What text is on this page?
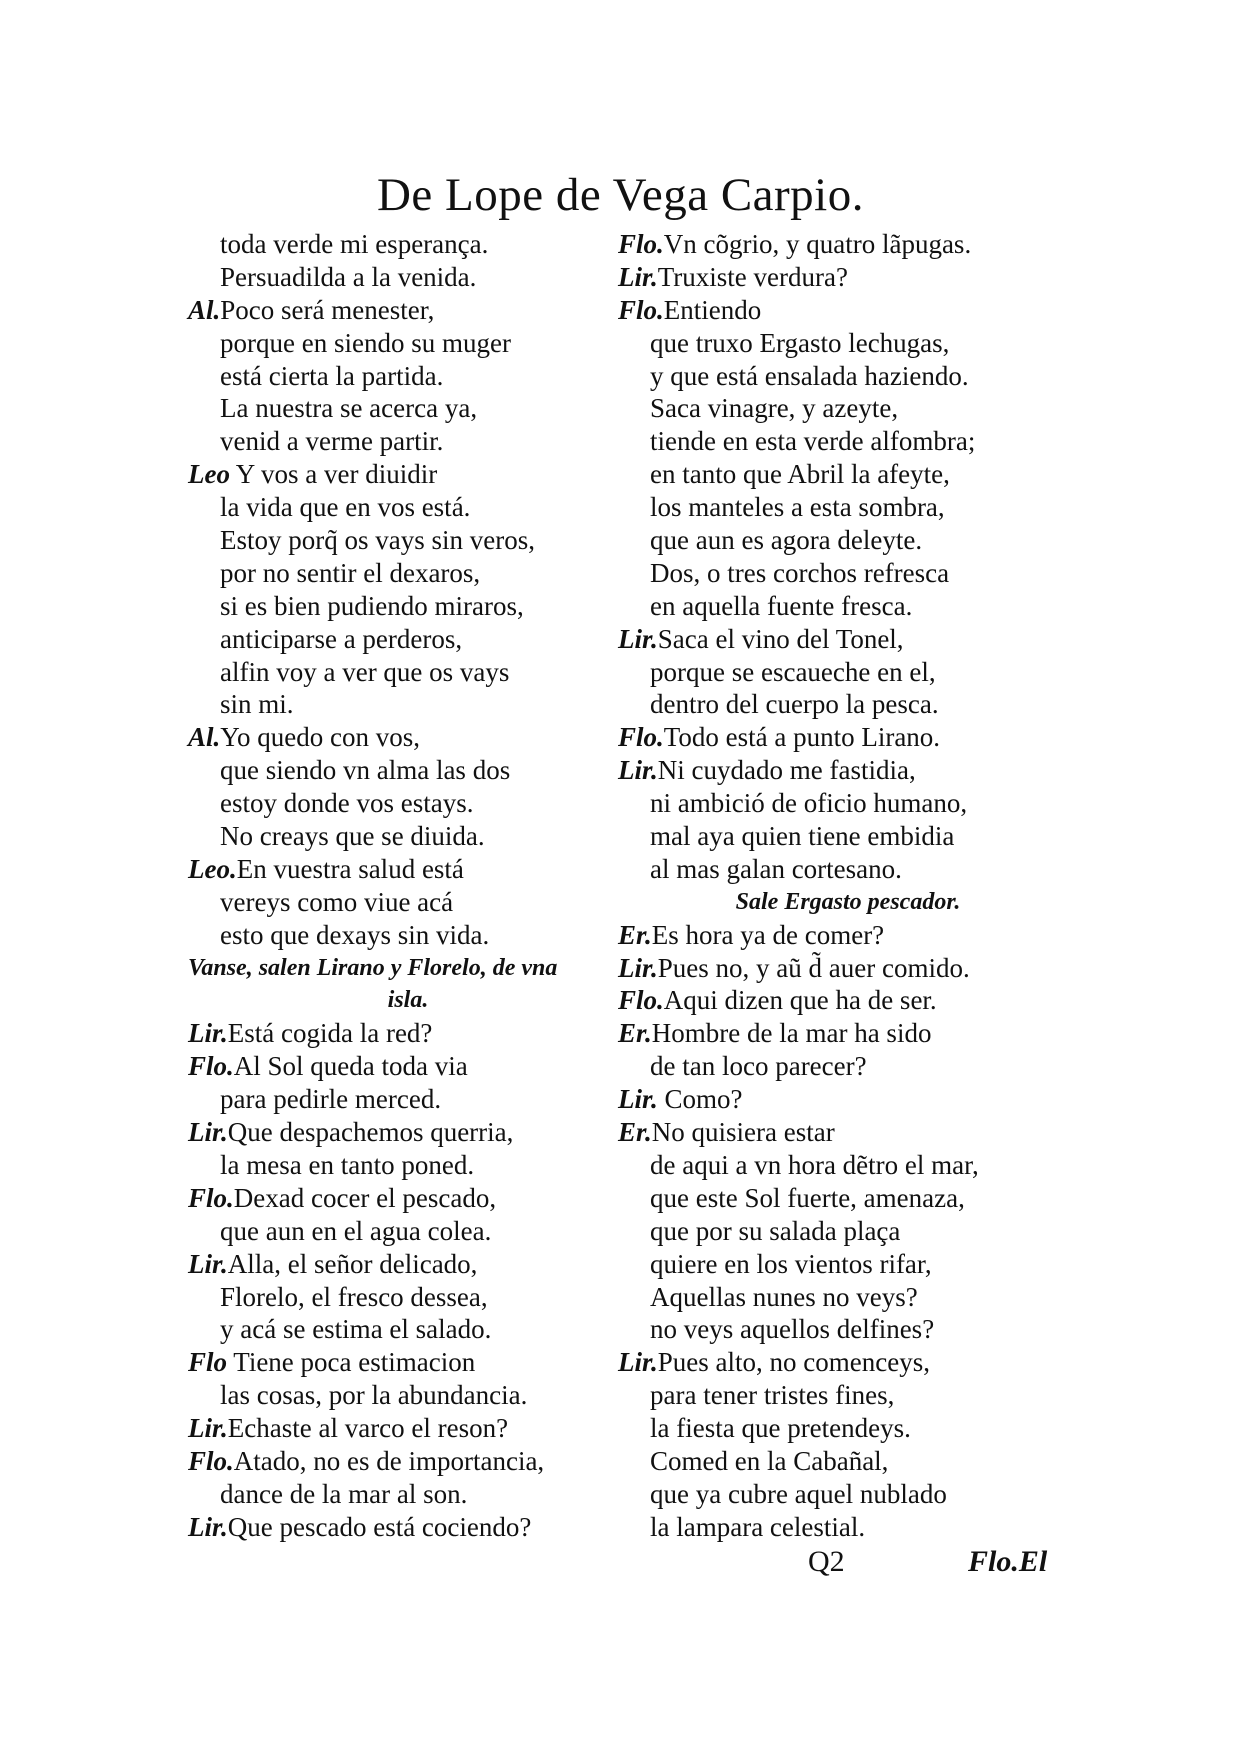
De Lope de Vega Carpio.
toda verde mi esperança.
Persuadilda a la venida.
Al.Poco será menester,
porque en siendo su muger
está cierta la partida.
La nuestra se acerca ya,
venid a verme partir.
Leo Y vos a ver diuidir
la vida que en vos está.
Estoy porq̃ os vays sin veros,
por no sentir el dexaros,
si es bien pudiendo miraros,
anticiparse a perderos,
alfin voy a ver que os vays
sin mi.
Al.Yo quedo con vos,
que siendo vn alma las dos
estoy donde vos estays.
No creays que se diuida.
Leo.En vuestra salud está
vereys como viue acá
esto que dexays sin vida.
Vanse, salen Lirano y Florelo, de vna
isla.
Lir.Está cogida la red?
Flo.Al Sol queda toda via
para pedirle merced.
Lir.Que despachemos querria,
la mesa en tanto poned.
Flo.Dexad cocer el pescado,
que aun en el agua colea.
Lir.Alla, el señor delicado,
Florelo, el fresco dessea,
y acá se estima el salado.
Flo Tiene poca estimacion
las cosas, por la abundancia.
Lir.Echaste al varco el reson?
Flo.Atado, no es de importancia,
dance de la mar al son.
Lir.Que pescado está cociendo?
Flo.Vn cõgrio, y quatro lãpugas.
Lir.Truxiste verdura?
Flo.Entiendo
que truxo Ergasto lechugas,
y que está ensalada haziendo.
Saca vinagre, y azeyte,
tiende en esta verde alfombra;
en tanto que Abril la afeyte,
los manteles a esta sombra,
que aun es agora deleyte.
Dos, o tres corchos refresca
en aquella fuente fresca.
Lir.Saca el vino del Tonel,
porque se escaueche en el,
dentro del cuerpo la pesca.
Flo.Todo está a punto Lirano.
Lir.Ni cuydado me fastidia,
ni ambició de oficio humano,
mal aya quien tiene embidia
al mas galan cortesano.
Sale Ergasto pescador.
Er.Es hora ya de comer?
Lir.Pues no, y aũ d̃ auer comido.
Flo.Aqui dizen que ha de ser.
Er.Hombre de la mar ha sido
de tan loco parecer?
Lir. Como?
Er.No quisiera estar
de aqui a vn hora dẽtro el mar,
que este Sol fuerte, amenaza,
que por su salada plaça
quiere en los vientos rifar,
Aquellas nunes no veys?
no veys aquellos delfines?
Lir.Pues alto, no comenceys,
para tener tristes fines,
la fiesta que pretendeys.
Comed en la Cabañal,
que ya cubre aquel nublado
la lampara celestial.
Q2	Flo.El
